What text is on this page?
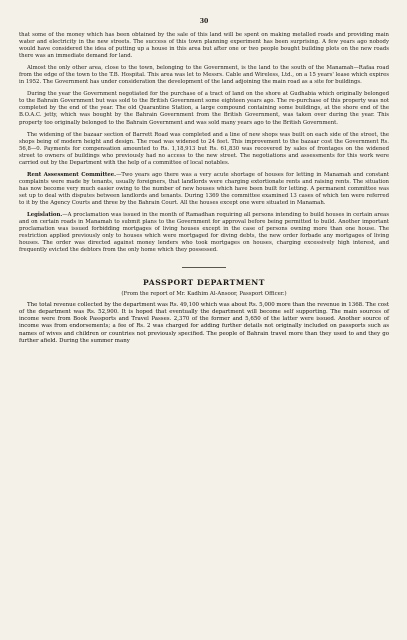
30

that some of the money which has been obtained by the sale of this land will be spent on making metalled roads and providing main water and electricity in the new streets. The success of this town planning experiment has been surprising. A few years ago nobody would have considered the idea of putting up a house in this area but after one or two people bought building plots on the new roads there was an immediate demand for land.

Almost the only other area, close to the town, belonging to the Government, is the land to the south of the Manamah—Rafaa road from the edge of the town to the T.B. Hospital. This area was let to Messrs. Cable and Wireless, Ltd., on a 15 years' lease which expires in 1952. The Government has under consideration the development of the land adjoining the main road as a site for buildings.

During the year the Government negotiated for the purchase of a tract of land on the shore at Gudhabia which originally belonged to the Bahrain Government but was sold to the British Government some eighteen years ago. The re-purchase of this property was not completed by the end of the year. The old Quarantine Station, a large compound containing some buildings, at the shore end of the B.O.A.C. jetty, which was bought by the Bahrain Government from the British Government, was taken over during the year. This property too originally belonged to the Bahrain Government and was sold many years ago to the British Government.

The widening of the bazaar section of Barrett Road was completed and a line of new shops was built on each side of the street, the shops being of modern height and design. The road was widened to 24 feet. This improvement to the bazaar cost the Government Rs. 56,8—0. Payments for compensation amounted to Rs. 1,18,913 but Rs. 61,830 was recovered by sales of frontages on the widened street to owners of buildings who previously had no access to the new street. The negotiations and assessments for this work were carried out by the Department with the help of a committee of local notables.

Rent Assessment Committee.—Two years ago there was a very acute shortage of houses for letting in Manamah and constant complaints were made by tenants, usually foreigners, that landlords were charging extortionate rents and raising rents. The situation has now become very much easier owing to the number of new houses which have been built for letting. A permanent committee was set up to deal with disputes between landlords and tenants. During 1369 the committee examined 13 cases of which ten were referred to it by the Agency Courts and three by the Bahrain Court. All the houses except one were situated in Manamah.

Legislation.—A proclamation was issued in the month of Ramadhan requiring all persons intending to build houses in certain areas and on certain roads in Manamah to submit plans to the Government for approval before being permitted to build. Another important proclamation was issued forbidding mortgages of living houses except in the case of persons owning more than one house. The restriction applied previously only to houses which were mortgaged for diving debts, the new order forbade any mortgages of living houses. The order was directed against money lenders who took mortgages on houses, charging excessively high interest, and frequently evicted the debtors from the only home which they possessed.

PASSPORT DEPARTMENT
(From the report of Mr. Kadhim Al-Ansoor, Passport Officer.)

The total revenue collected by the department was Rs. 49,100 which was about Rs. 5,000 more than the revenue in 1368. The cost of the department was Rs. 52,900. It is hoped that eventually the department will become self supporting. The main sources of income were from Book Passports and Travel Passes. 2,370 of the former and 5,650 of the latter were issued. Another source of income was from endorsements; a fee of Rs. 2 was charged for adding further details not originally included on passports such as names of wives and children or countries not previously specified. The people of Bahrain travel more than they used to and they go further afield. During the summer many
